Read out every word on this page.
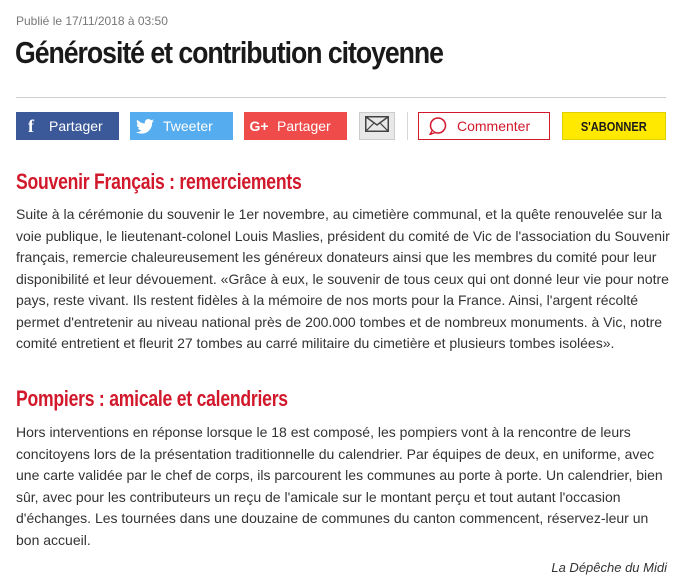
Publié le 17/11/2018 à 03:50
Générosité et contribution citoyenne
f	Partager	Tweeter	G+ Partager	Commenter	S'ABONNER
Souvenir Français : remerciements

Suite à la cérémonie du souvenir le 1er novembre, au cimetière communal, et la quête renouvelée sur la voie publique, le lieutenant-colonel Louis Maslies, président du comité de Vic de l'association du Souvenir français, remercie chaleureusement les généreux donateurs ainsi que les membres du comité pour leur disponibilité et leur dévouement. «Grâce à eux, le souvenir de tous ceux qui ont donné leur vie pour notre pays, reste vivant. Ils restent fidèles à la mémoire de nos morts pour la France. Ainsi, l'argent récolté permet d'entretenir au niveau national près de 200.000 tombes et de nombreux monuments. à Vic, notre comité entretient et fleurit 27 tombes au carré militaire du cimetière et plusieurs tombes isolées».

Pompiers : amicale et calendriers

Hors interventions en réponse lorsque le 18 est composé, les pompiers vont à la rencontre de leurs concitoyens lors de la présentation traditionnelle du calendrier. Par équipes de deux, en uniforme, avec une carte validée par le chef de corps, ils parcourent les communes au porte à porte. Un calendrier, bien sûr, avec pour les contributeurs un reçu de l'amicale sur le montant perçu et tout autant l'occasion d'échanges. Les tournées dans une douzaine de communes du canton commencent, réservez-leur un bon accueil.

La Dépêche du Midi
